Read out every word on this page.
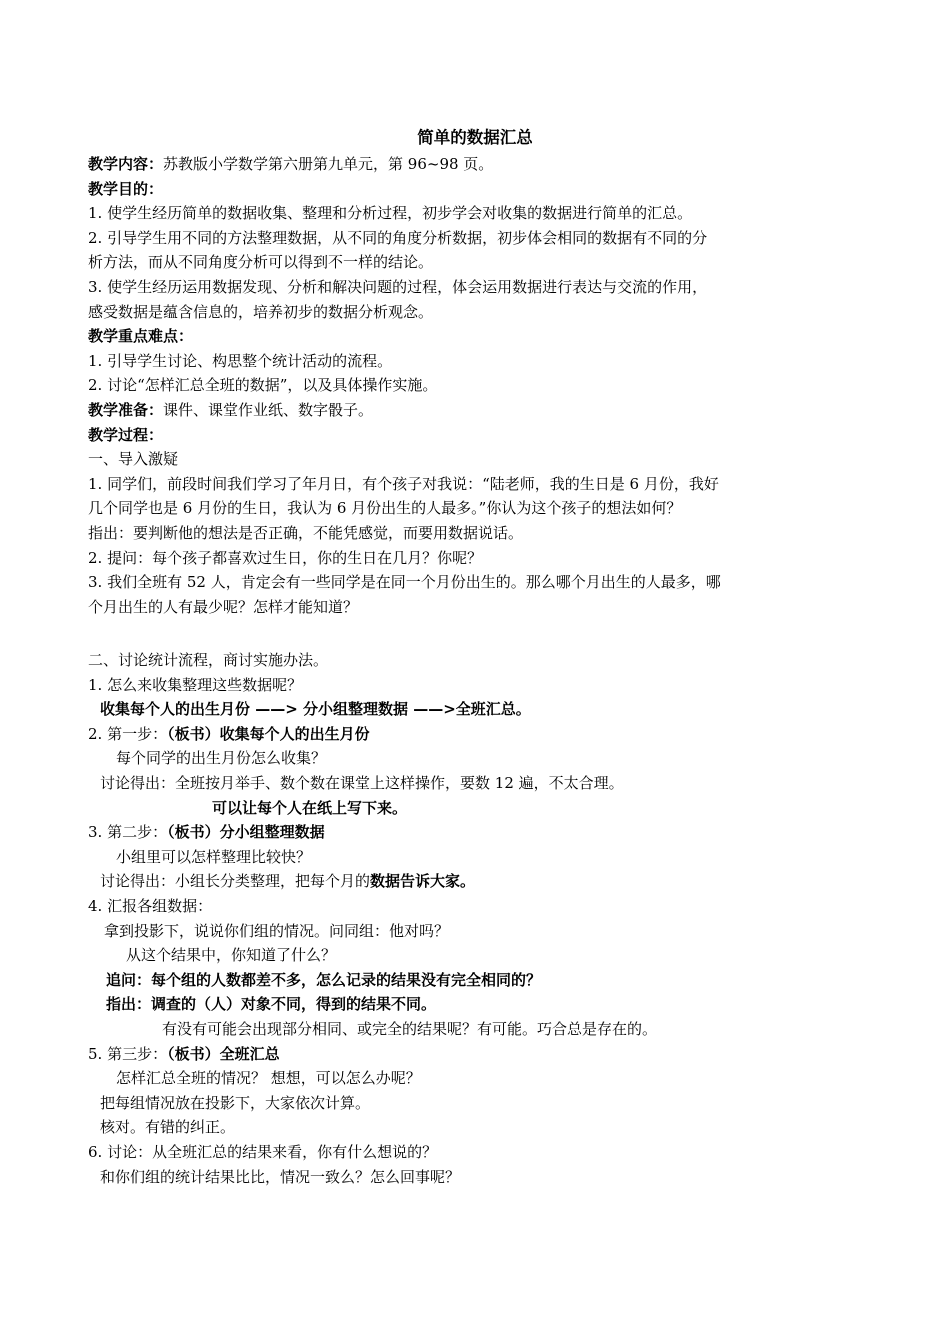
简单的数据汇总
教学内容：苏教版小学数学第六册第九单元，第 96~98 页。
教学目的：
1. 使学生经历简单的数据收集、整理和分析过程，初步学会对收集的数据进行简单的汇总。
2. 引导学生用不同的方法整理数据，从不同的角度分析数据，初步体会相同的数据有不同的分
析方法，而从不同角度分析可以得到不一样的结论。
3. 使学生经历运用数据发现、分析和解决问题的过程，体会运用数据进行表达与交流的作用，
感受数据是蕴含信息的，培养初步的数据分析观念。
教学重点难点：
1. 引导学生讨论、构思整个统计活动的流程。
2. 讨论“怎样汇总全班的数据”，以及具体操作实施。
教学准备：课件、课堂作业纸、数字骰子。
教学过程：
一、导入激疑
1. 同学们，前段时间我们学习了年月日，有个孩子对我说：“陆老师，我的生日是 6 月份，我好
几个同学也是 6 月份的生日，我认为 6 月份出生的人最多。”你认为这个孩子的想法如何？
指出：要判断他的想法是否正确，不能凭感觉，而要用数据说话。
2. 提问：每个孩子都喜欢过生日，你的生日在几月？你呢？
3. 我们全班有 52 人，肯定会有一些同学是在同一个月份出生的。那么哪个月出生的人最多，哪
个月出生的人有最少呢？怎样才能知道？
二、讨论统计流程，商讨实施办法。
1. 怎么来收集整理这些数据呢？
收集每个人的出生月份 ——> 分小组整理数据 ——>全班汇总。
2. 第一步：（板书）收集每个人的出生月份
每个同学的出生月份怎么收集？
讨论得出：全班按月举手、数个数在课堂上这样操作，要数 12 遍，不太合理。
可以让每个人在纸上写下来。
3. 第二步：（板书）分小组整理数据
小组里可以怎样整理比较快？
讨论得出：小组长分类整理，把每个月的数据告诉大家。
4. 汇报各组数据：
拿到投影下，说说你们组的情况。问同组：他对吗？
从这个结果中，你知道了什么？
追问：每个组的人数都差不多，怎么记录的结果没有完全相同的？
指出：调查的（人）对象不同，得到的结果不同。
有没有可能会出现部分相同、或完全的结果呢？有可能。巧合总是存在的。
5. 第三步：（板书）全班汇总
怎样汇总全班的情况？ 想想，可以怎么办呢？
把每组情况放在投影下，大家依次计算。
核对。有错的纠正。
6. 讨论：从全班汇总的结果来看，你有什么想说的？
和你们组的统计结果比比，情况一致么？怎么回事呢？
